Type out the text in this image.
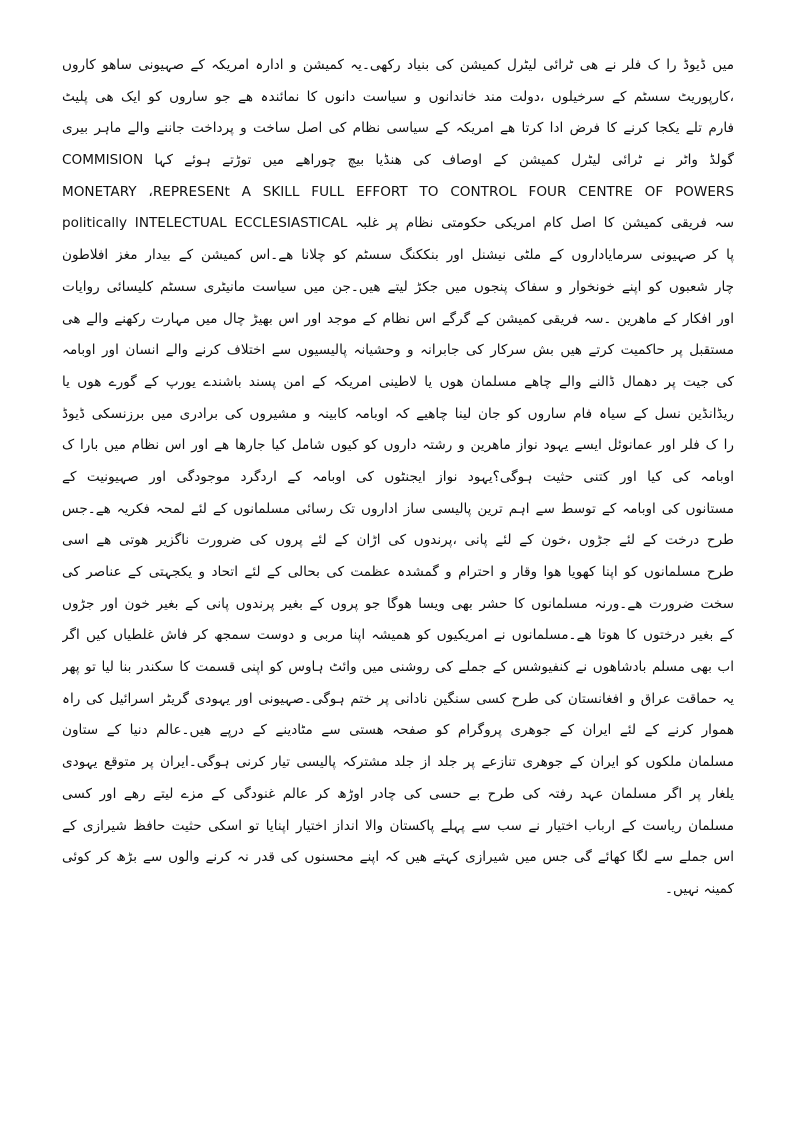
میں ڈیوڈ را ک فلر نے ھی ٹرائی لیٹرل کمیشن کی بنیاد رکھی۔یہ کمیشن و ادارہ امریکہ کے صہیونی ساھو کاروں
،کارپوریٹ سسٹم کے سرخیلوں ،دولت مند خاندانوں و سیاست دانوں کا نمائندہ ھے جو ساروں کو ایک ھی پلیٹ
فارم تلے یکجا کرنے کا فرض ادا کرتا ھے امریکہ کے سیاسی نظام کی اصل ساخت و پرداخت جاننے والے ماہر بیری
گولڈ واٹر نے ٹرائی لیٹرل کمیشن کے اوصاف کی ھنڈیا بیچ چوراھے میں توڑتے ہوئے کہا COMMISION
MONETARY ،REPRESENt A SKILL FULL EFFORT TO CONTROL FOUR CENTRE OF POWERS
سہ فریقی کمیشن کا اصل کام امریکی حکومتی نظام پر غلبہ politically INTELECTUAL ECCLESIASTICAL
پا کر صہیونی سرمایاداروں کے ملٹی نیشنل اور بنککنگ سسٹم کو چلانا ھے۔اس کمیشن کے بیدار مغز افلاطون
چار شعبوں کو اپنے خونخوار و سفاک پنجوں میں جکڑ لیتے ھیں۔جن میں سیاست مانیٹری سسٹم کلیسائی روایات
اور افکار کے ماھرین ۔سہ فریقی کمیشن کے گرگے اس نظام کے موجد اور اس بھیڑ چال میں مہارت رکھنے والے ھی
مستقبل پر حاکمیت کرتے ھیں بش سرکار کی جابرانہ و وحشیانہ پالیسیوں سے اختلاف کرنے والے انسان اور اوبامہ
کی جیت پر دھمال ڈالنے والے چاھے مسلمان ھوں یا لاطینی امریکہ کے امن پسند باشندے یورپ کے گورے ھوں یا
ریڈانڈین نسل کے سیاہ فام ساروں کو جان لینا چاھیے کہ اوبامہ کابینہ و مشیروں کی برادری میں برزنسکی ڈیوڈ
را ک فلر اور عمانوئل ایسے یہود نواز ماھرین و رشتہ داروں کو کیوں شامل کیا جارھا ھے اور اس نظام میں بارا ک
اوبامہ کی کیا اور کتنی حثیت ہوگی؟یہود نواز ایجنٹوں کی اوبامہ کے اردگرد موجودگی اور صہیونیت کے
مستانوں کی اوبامہ کے توسط سے اہم ترین پالیسی ساز اداروں تک رسائی مسلمانوں کے لئے لمحہ فکریہ ھے۔جس
طرح درخت کے لئے جڑوں ،خون کے لئے پانی ،پرندوں کی اڑان کے لئے پروں کی ضرورت ناگزیر ھوتی ھے اسی
طرح مسلمانوں کو اپنا کھویا ھوا وقار و احترام و گمشدہ عظمت کی بحالی کے لئے اتحاد و یکجہتی کے عناصر کی
سخت ضرورت ھے۔ورنہ مسلمانوں کا حشر بھی ویسا ھوگا جو پروں کے بغیر پرندوں پانی کے بغیر خون اور جڑوں
کے بغیر درختوں کا ھوتا ھے۔مسلمانوں نے امریکیوں کو ھمیشہ اپنا مربی و دوست سمجھ کر فاش غلطیاں کیں اگر
اب بھی مسلم بادشاھوں نے کنفیوشس کے جملے کی روشنی میں وائٹ ہاوس کو اپنی قسمت کا سکندر بنا لیا تو پھر
یہ حماقت عراق و افغانستان کی طرح کسی سنگین نادانی پر ختم ہوگی۔صہیونی اور یہودی گریٹر اسرائیل کی راہ
ھموار کرنے کے لئے ایران کے جوھری پروگرام کو صفحہ ھستی سے مٹادینے کے درپے ھیں۔عالم دنیا کے ستاون
مسلمان ملکوں کو ایران کے جوھری تنازعے پر جلد از جلد مشترکہ پالیسی تیار کرنی ہوگی۔ایران پر متوقع یہودی
یلغار پر اگر مسلمان عہد رفتہ کی طرح بے حسی کی چادر اوڑھ کر عالم غنودگی کے مزے لیتے رھے اور کسی
مسلمان ریاست کے ارباب اختیار نے سب سے پہلے پاکستان والا انداز اختیار اپنایا تو اسکی حثیت حافظ شیرازی کے
اس جملے سے لگا کھائے گی جس میں شیرازی کہتے ھیں کہ اپنے محسنوں کی قدر نہ کرنے والوں سے بڑھ کر کوئی
کمینہ نہیں۔
